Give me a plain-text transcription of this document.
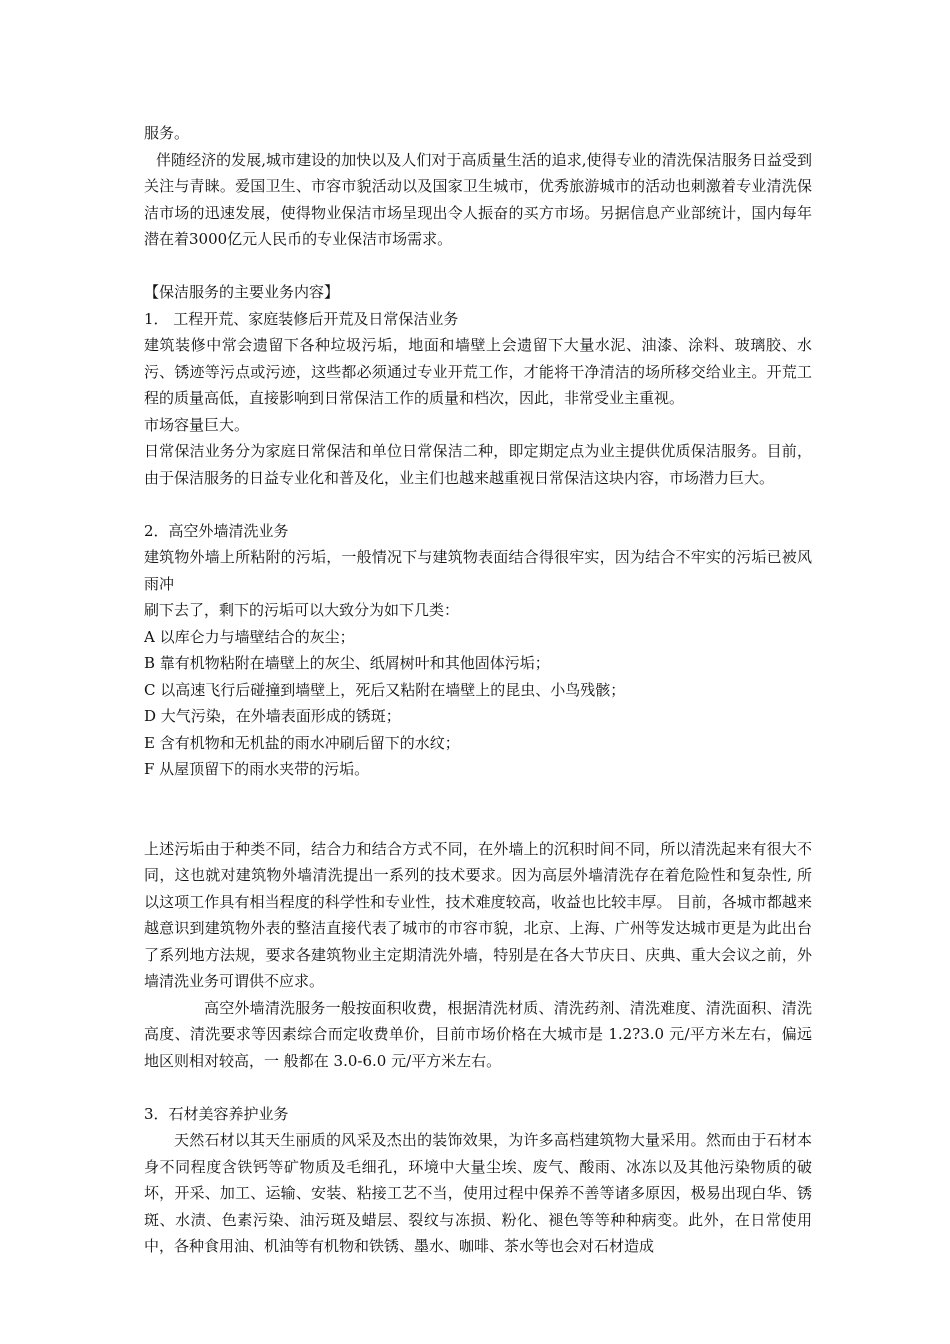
服务。

伴随经济的发展,城市建设的加快以及人们对于高质量生活的追求,使得专业的清洗保洁服务日益受到关注与青睐。爱国卫生、市容市貌活动以及国家卫生城市，优秀旅游城市的活动也刺激着专业清洗保洁市场的迅速发展，使得物业保洁市场呈现出令人振奋的买方市场。另据信息产业部统计，国内每年潜在着3000亿元人民币的专业保洁市场需求。

【保洁服务的主要业务内容】

1． 工程开荒、家庭装修后开荒及日常保洁业务

建筑装修中常会遗留下各种垃圾污垢，地面和墙壁上会遗留下大量水泥、油漆、涂料、玻璃胶、水污、锈迹等污点或污迹，这些都必须通过专业开荒工作，才能将干净清洁的场所移交给业主。开荒工程的质量高低，直接影响到日常保洁工作的质量和档次，因此，非常受业主重视。

市场容量巨大。

日常保洁业务分为家庭日常保洁和单位日常保洁二种，即定期定点为业主提供优质保洁服务。目前，由于保洁服务的日益专业化和普及化，业主们也越来越重视日常保洁这块内容，市场潜力巨大。

2．高空外墙清洗业务

建筑物外墙上所粘附的污垢，一般情况下与建筑物表面结合得很牢实，因为结合不牢实的污垢已被风雨冲

刷下去了，剩下的污垢可以大致分为如下几类：

A 以库仑力与墙壁结合的灰尘；

B 靠有机物粘附在墙壁上的灰尘、纸屑树叶和其他固体污垢；

C 以高速飞行后碰撞到墙壁上，死后又粘附在墙壁上的昆虫、小鸟残骸；

D 大气污染，在外墙表面形成的锈斑；

E 含有机物和无机盐的雨水冲刷后留下的水纹；

F 从屋顶留下的雨水夹带的污垢。

上述污垢由于种类不同，结合力和结合方式不同，在外墙上的沉积时间不同，所以清洗起来有很大不同，这也就对建筑物外墙清洗提出一系列的技术要求。因为高层外墙清洗存在着危险性和复杂性, 所以这项工作具有相当程度的科学性和专业性，技术难度较高，收益也比较丰厚。 目前，各城市都越来越意识到建筑物外表的整洁直接代表了城市的市容市貌，北京、上海、广州等发达城市更是为此出台了系列地方法规，要求各建筑物业主定期清洗外墙，特别是在各大节庆日、庆典、重大会议之前，外墙清洗业务可谓供不应求。

高空外墙清洗服务一般按面积收费，根据清洗材质、清洗药剂、清洗难度、清洗面积、清洗高度、清洗要求等因素综合而定收费单价，目前市场价格在大城市是 1.2?3.0 元/平方米左右，偏远地区则相对较高，一 般都在 3.0-6.0 元/平方米左右。

3．石材美容养护业务

天然石材以其天生丽质的风采及杰出的装饰效果，为许多高档建筑物大量采用。然而由于石材本身不同程度含铁钙等矿物质及毛细孔，环境中大量尘埃、废气、酸雨、冰冻以及其他污染物质的破坏，开采、加工、运输、安装、粘接工艺不当，使用过程中保养不善等诸多原因，极易出现白华、锈斑、水渍、色素污染、油污斑及蜡层、裂纹与冻损、粉化、褪色等等种种病变。此外，在日常使用中，各种食用油、机油等有机物和铁锈、墨水、咖啡、茶水等也会对石材造成
